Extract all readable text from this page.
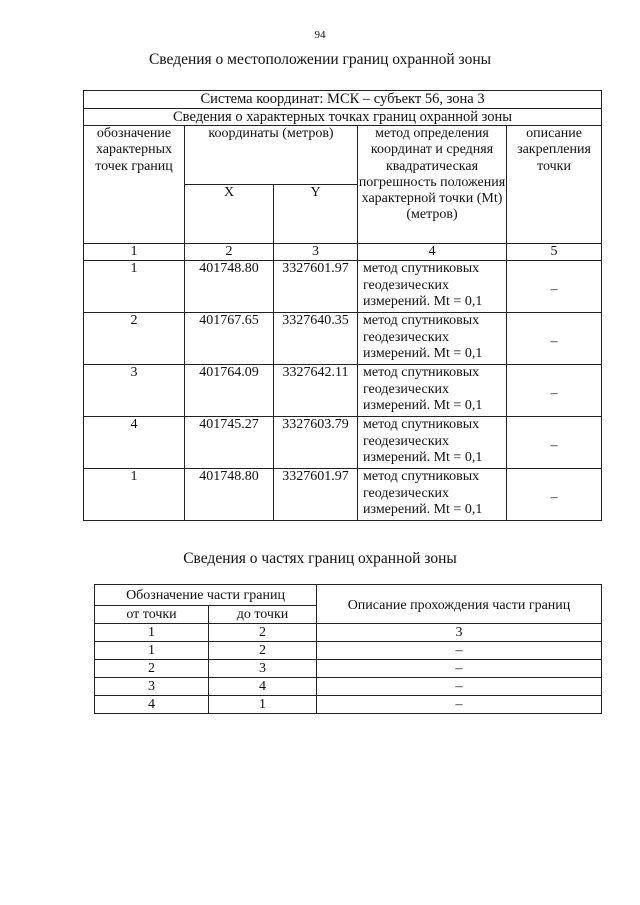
94
Сведения о местоположении границ охранной зоны
Система координат: МСК – субъект 56, зона 3				
Сведения о характерных точках границ охранной зоны				
обозначение характерных точек границ	координаты (метров)		метод определения координат и средняя квадратическая погрешность положения характерной точки (Mt) (метров)	описание закрепления точки
	X	Y		
1	2	3	4	5
1	401748.80	3327601.97	метод спутниковых геодезических измерений. Mt = 0,1	–
2	401767.65	3327640.35	метод спутниковых геодезических измерений. Mt = 0,1	–
3	401764.09	3327642.11	метод спутниковых геодезических измерений. Mt = 0,1	–
4	401745.27	3327603.79	метод спутниковых геодезических измерений. Mt = 0,1	–
1	401748.80	3327601.97	метод спутниковых геодезических измерений. Mt = 0,1	–
Сведения о частях границ охранной зоны
Обозначение части границ		Описание прохождения части границ
от точки	до точки	
1	2	3
1	2	–
2	3	–
3	4	–
4	1	–
